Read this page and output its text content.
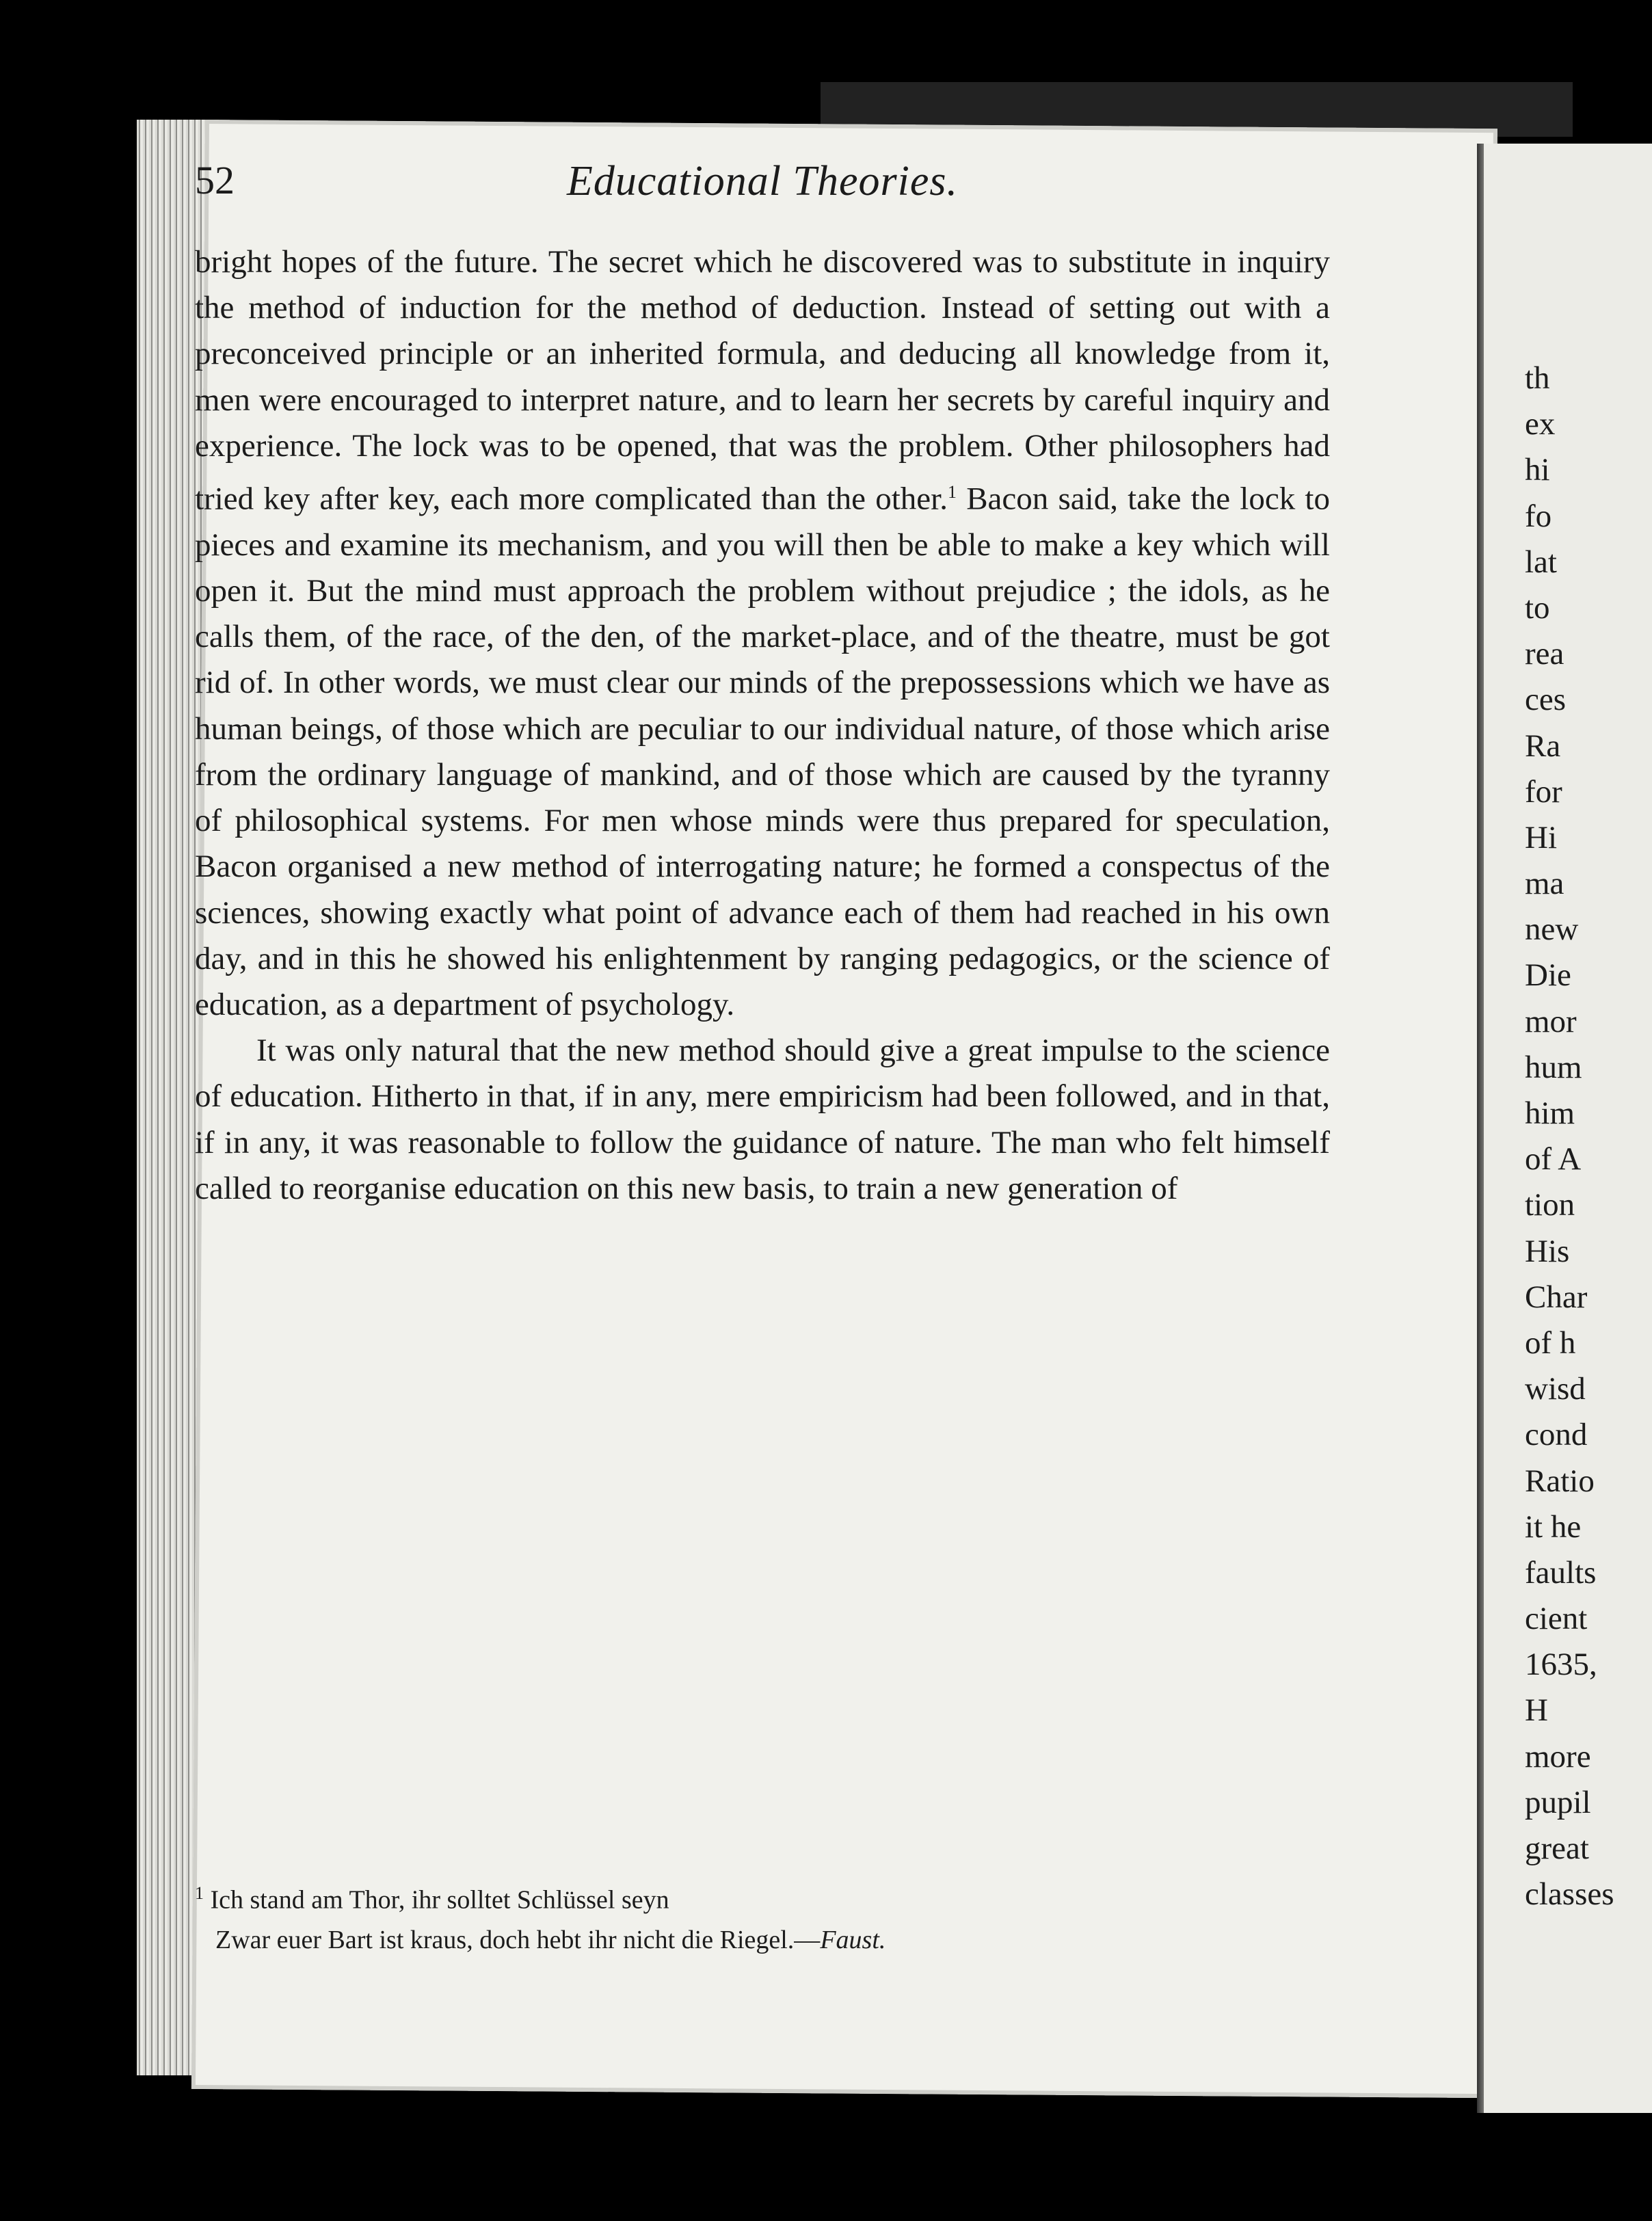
52	Educational Theories.

bright hopes of the future. The secret which he discovered was to substitute in inquiry the method of induction for the method of deduction. Instead of setting out with a preconceived principle or an inherited formula, and deducing all knowledge from it, men were encouraged to interpret nature, and to learn her secrets by careful inquiry and experience. The lock was to be opened, that was the problem. Other philosophers had tried key after key, each more complicated than the other.$^1$ Bacon said, take the lock to pieces and examine its mechanism, and you will then be able to make a key which will open it. But the mind must approach the problem without prejudice ; the idols, as he calls them, of the race, of the den, of the market-place, and of the theatre, must be got rid of. In other words, we must clear our minds of the prepossessions which we have as human beings, of those which are peculiar to our individual nature, of those which arise from the ordinary language of mankind, and of those which are caused by the tyranny of philosophical systems. For men whose minds were thus prepared for speculation, Bacon organised a new method of interrogating nature; he formed a conspectus of the sciences, showing exactly what point of advance each of them had reached in his own day, and in this he showed his enlightenment by ranging pedagogics, or the science of education, as a department of psychology.

It was only natural that the new method should give a great impulse to the science of education. Hitherto in that, if in any, mere empiricism had been followed, and in that, if in any, it was reasonable to follow the guidance of nature. The man who felt himself called to reorganise education on this new basis, to train a new generation of

$^1$ Ich stand am Thor, ihr solltet Schlüssel seyn
Zwar euer Bart ist kraus, doch hebt ihr nicht die Riegel.—Faust.
th
ex
hi
fo
lat
to
rea
ces
Ra
for
Hi
ma
new
Die
mor
hum
him
of A
tion
His
Char
of h
wisd
cond
Ratio
it he
faults
cient
1635,
H
more
pupil
great
classes
